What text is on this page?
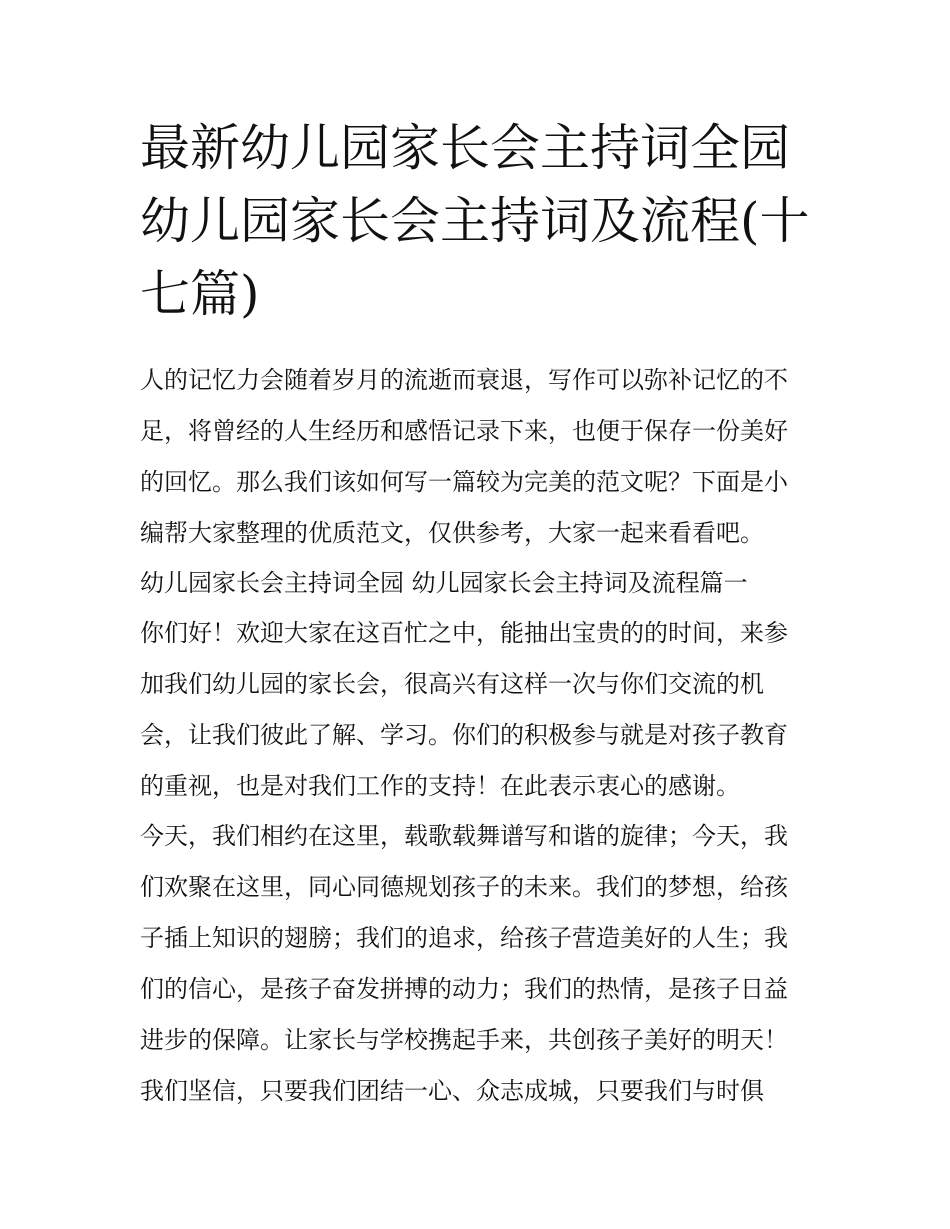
最新幼儿园家长会主持词全园
幼儿园家长会主持词及流程(十
七篇)
人的记忆力会随着岁月的流逝而衰退，写作可以弥补记忆的不
足，将曾经的人生经历和感悟记录下来，也便于保存一份美好
的回忆。那么我们该如何写一篇较为完美的范文呢？下面是小
编帮大家整理的优质范文，仅供参考，大家一起来看看吧。
幼儿园家长会主持词全园 幼儿园家长会主持词及流程篇一
你们好！欢迎大家在这百忙之中，能抽出宝贵的的时间，来参
加我们幼儿园的家长会，很高兴有这样一次与你们交流的机
会，让我们彼此了解、学习。你们的积极参与就是对孩子教育
的重视，也是对我们工作的支持！在此表示衷心的感谢。
今天，我们相约在这里，载歌载舞谱写和谐的旋律；今天，我
们欢聚在这里，同心同德规划孩子的未来。我们的梦想，给孩
子插上知识的翅膀；我们的追求，给孩子营造美好的人生；我
们的信心，是孩子奋发拼搏的动力；我们的热情，是孩子日益
进步的保障。让家长与学校携起手来，共创孩子美好的明天！
我们坚信，只要我们团结一心、众志成城，只要我们与时俱
